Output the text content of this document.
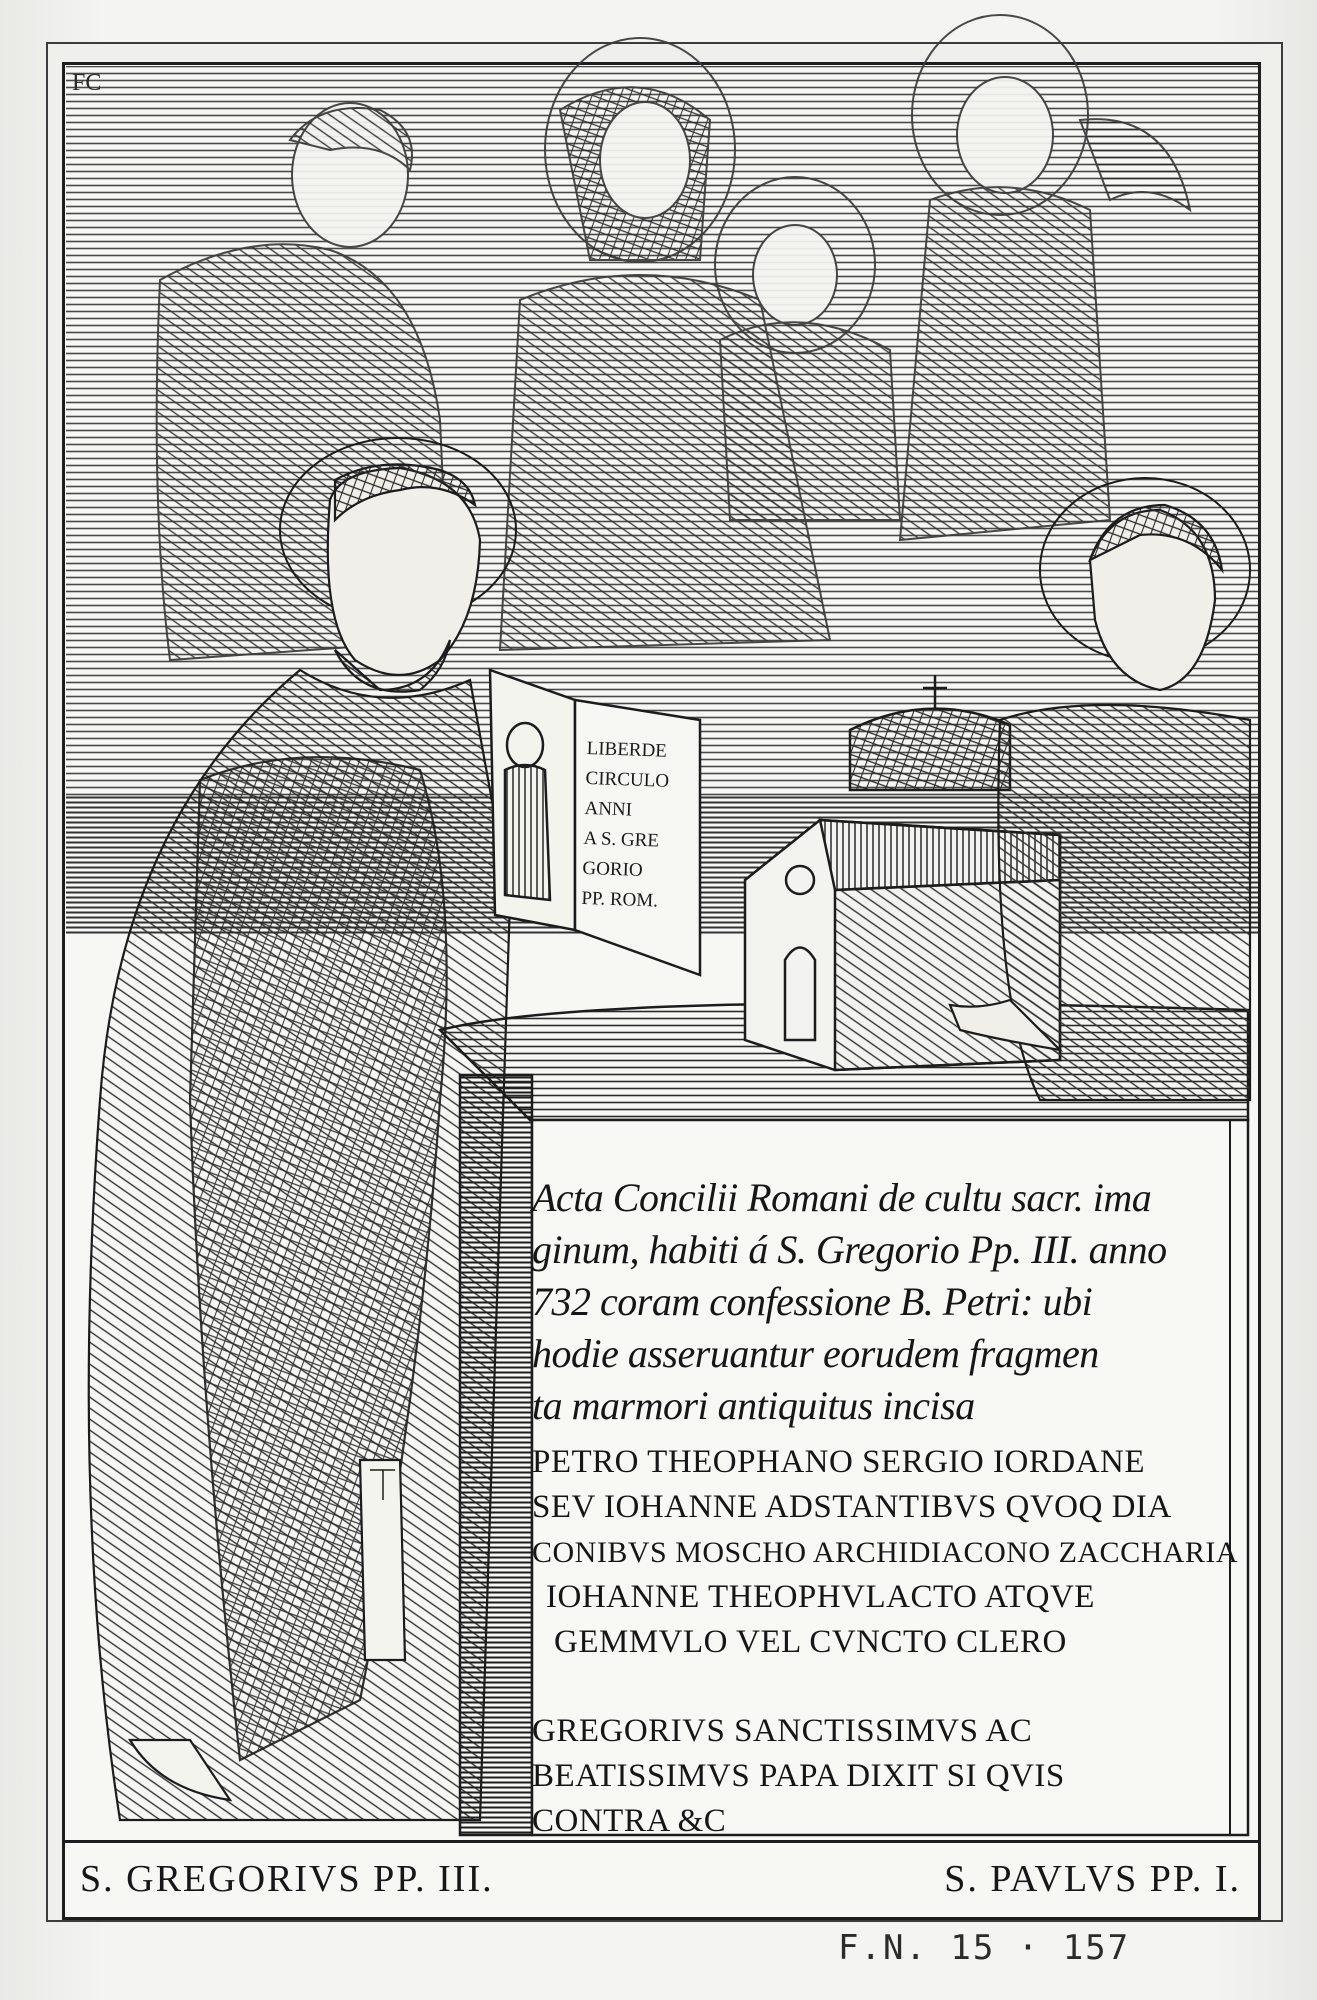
FC
LIBERDE
CIRCULO
ANNI
A S. GRE
GORIO
PP. ROM.
Acta Concilii Romani de cultu sacr. ima
ginum, habiti á S. Gregorio Pp. III. anno
732 coram confessione B. Petri: ubi
hodie asseruantur eorudem fragmen
ta marmori antiquitus incisa
PETRO THEOPHANO SERGIO IORDANE
SEV IOHANNE ADSTANTIBVS QVOQ DIA
CONIBVS MOSCHO ARCHIDIACONO ZACCHARIA
IOHANNE THEOPHVLACTO ATQVE
GEMMVLO VEL CVNCTO CLERO
GREGORIVS SANCTISSIMVS AC
BEATISSIMVS PAPA DIXIT SI QVIS
CONTRA &C
S. GREGORIVS PP. III.	S. PAVLVS PP. I.
F.N. 15 · 157
